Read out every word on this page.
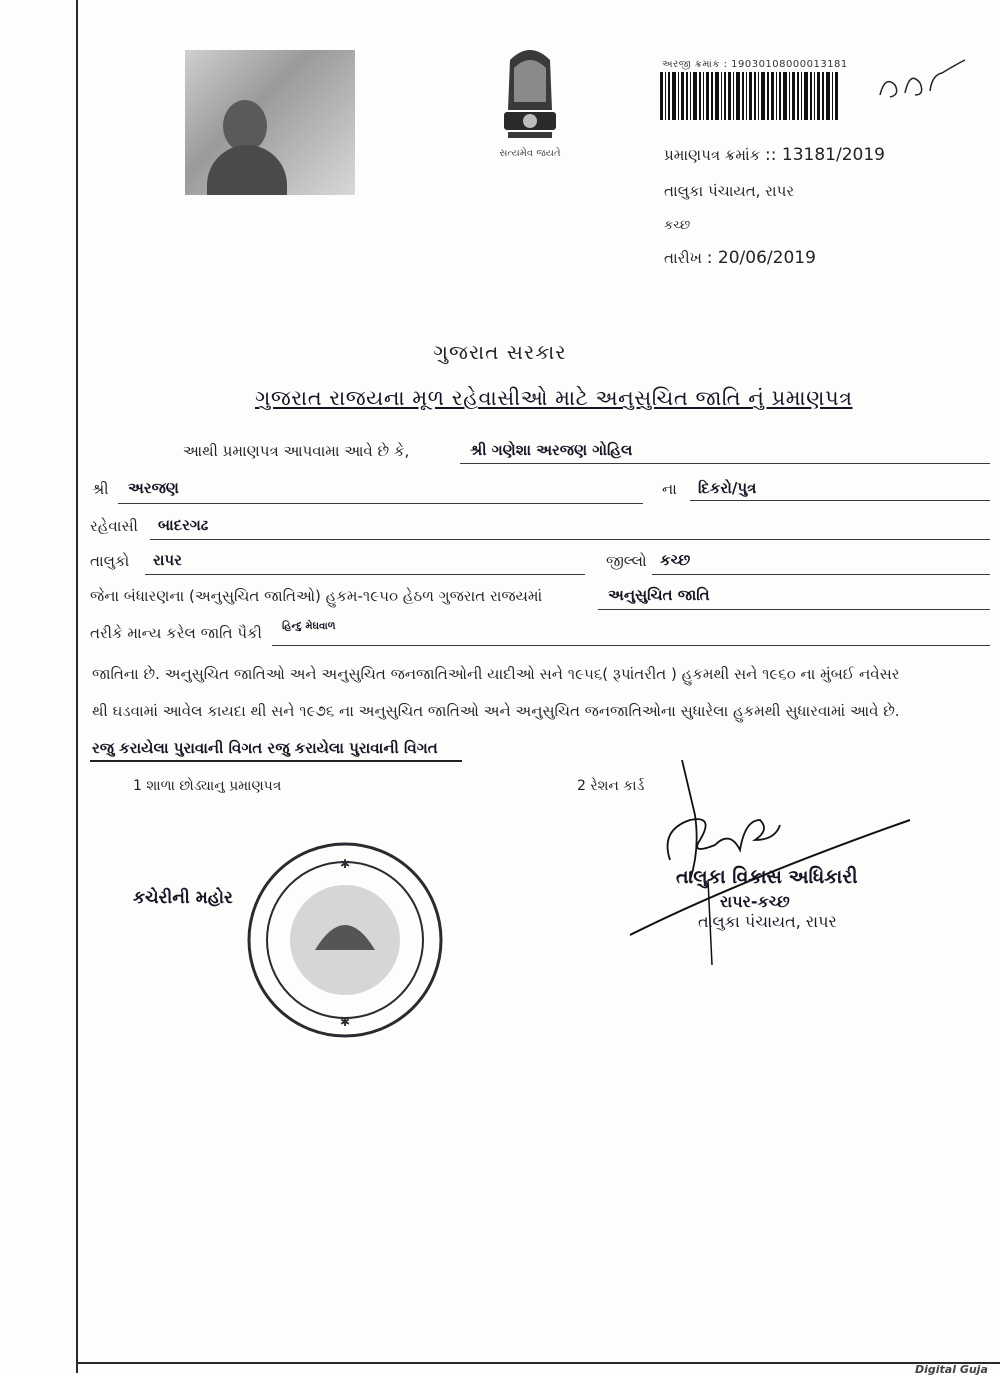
સત્યમેવ જયતે
અરજી ક્રમાંક : 19030108000013181
854
પ્રમાણપત્ર ક્રમાંક :: 13181/2019
તાલુકા પંચાયત, રાપર
કચ્છ
તારીખ : 20/06/2019
ગુજરાત સરકાર
ગુજરાત રાજયના મૂળ રહેવાસીઓ માટે અનુસુચિત જાતિ નું પ્રમાણપત્ર
આથી પ્રમાણપત્ર આપવામા આવે છે કે,	શ્રી ગણેશા અરજણ ગોહિલ
શ્રી અરજણ	ના દિકરો/પુત્ર
રહેવાસી બાદરગઢ
તાલુકો રાપર	જીલ્લો કચ્છ
જેના બંધારણના (અનુસુચિત જાતિઓ) હુકમ-૧૯૫૦ હેઠળ ગુજરાત રાજયમાં	અનુસુચિત જાતિ
તરીકે માન્ય કરેલ જાતિ પૈકી હિન્દુ મેઘવાળ
જાતિના છે. અનુસુચિત જાતિઓ અને અનુસુચિત જનજાતિઓની યાદીઓ સને ૧૯૫૬( રૂપાંતરીત ) હુકમથી સને ૧૯૬૦ ના મુંબઈ નવેસર
થી ઘડવામાં આવેલ કાયદા થી સને ૧૯૭૬ ના અનુસુચિત જાતિઓ અને અનુસુચિત જનજાતિઓના સુધારેલા હુકમથી સુધારવામાં આવે છે.
રજુ કરાયેલા પુરાવાની વિગત રજુ કરાયેલા પુરાવાની વિગત
1 શાળા છોડ્યાનુ પ્રમાણપત્ર	2 રેશન કાર્ડ
કચેરીની મહોર
✱
✱
તાલુકા વિકાસ અધિકારી
રાપર-કચ્છ
તાલુકા પંચાયત, રાપર
Digital Guja
